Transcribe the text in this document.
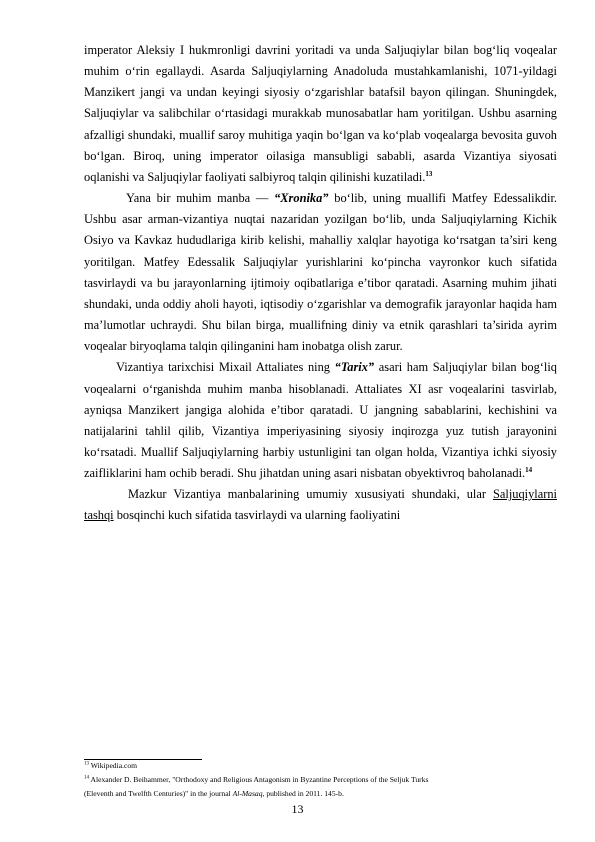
imperator Aleksiy I hukmronligi davrini yoritadi va unda Saljuqiylar bilan bog‘liq voqealar muhim o‘rin egallaydi. Asarda Saljuqiylarning Anadoluda mustahkamlanishi, 1071-yildagi Manzikert jangi va undan keyingi siyosiy o‘zgarishlar batafsil bayon qilingan. Shuningdek, Saljuqiylar va salibchilar o‘rtasidagi murakkab munosabatlar ham yoritilgan. Ushbu asarning afzalligi shundaki, muallif saroy muhitiga yaqin bo‘lgan va ko‘plab voqealarga bevosita guvoh bo‘lgan. Biroq, uning imperator oilasiga mansubligi sababli, asarda Vizantiya siyosati oqlanishi va Saljuqiylar faoliyati salbiyroq talqin qilinishi kuzatiladi.$^{13}$

Yana bir muhim manba — “Xronika” bo‘lib, uning muallifi Matfey Edessalikdir. Ushbu asar arman-vizantiya nuqtai nazaridan yozilgan bo‘lib, unda Saljuqiylarning Kichik Osiyo va Kavkaz hududlariga kirib kelishi, mahalliy xalqlar hayotiga ko‘rsatgan ta’siri keng yoritilgan. Matfey Edessalik Saljuqiylar yurishlarini ko‘pincha vayronkor kuch sifatida tasvirlaydi va bu jarayonlarning ijtimoiy oqibatlariga e’tibor qaratadi. Asarning muhim jihati shundaki, unda oddiy aholi hayoti, iqtisodiy o‘zgarishlar va demografik jarayonlar haqida ham ma’lumotlar uchraydi. Shu bilan birga, muallifning diniy va etnik qarashlari ta’sirida ayrim voqealar biryoqlama talqin qilinganini ham inobatga olish zarur.

Vizantiya tarixchisi Mixail Attaliates ning “Tarix” asari ham Saljuqiylar bilan bog‘liq voqealarni o‘rganishda muhim manba hisoblanadi. Attaliates XI asr voqealarini tasvirlab, ayniqsa Manzikert jangiga alohida e’tibor qaratadi. U jangning sabablarini, kechishini va natijalarini tahlil qilib, Vizantiya imperiyasining siyosiy inqirozga yuz tutish jarayonini ko‘rsatadi. Muallif Saljuqiylarning harbiy ustunligini tan olgan holda, Vizantiya ichki siyosiy zaifliklarini ham ochib beradi. Shu jihatdan uning asari nisbatan obyektivroq baholanadi.$^{14}$

Mazkur Vizantiya manbalarining umumiy xususiyati shundaki, ular Saljuqiylarni tashqi bosqinchi kuch sifatida tasvirlaydi va ularning faoliyatini

$^{13}$ Wikipedia.com
$^{14}$ Alexander D. Beihammer, "Orthodoxy and Religious Antagonism in Byzantine Perceptions of the Seljuk Turks
(Eleventh and Twelfth Centuries)" in the journal Al-Masaq, published in 2011. 145-b.
13
